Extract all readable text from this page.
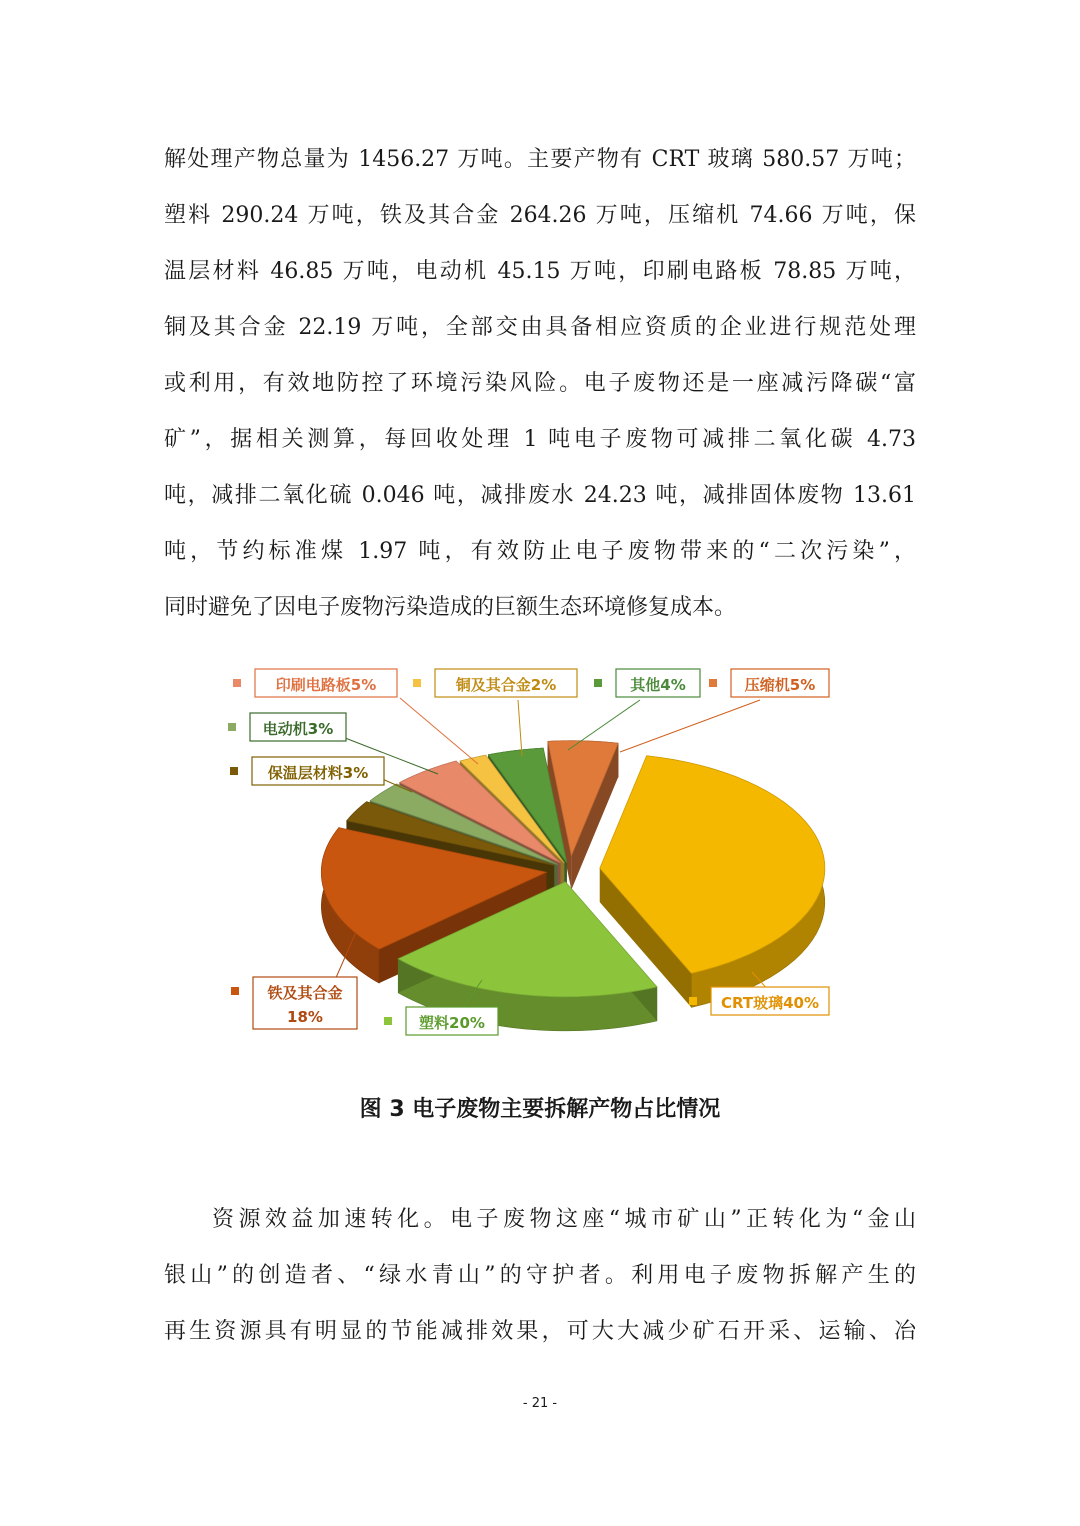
解处理产物总量为 1456.27 万吨。主要产物有 CRT 玻璃 580.57 万吨；
塑料 290.24 万吨，铁及其合金 264.26 万吨，压缩机 74.66 万吨，保
温层材料 46.85 万吨，电动机 45.15 万吨，印刷电路板 78.85 万吨，
铜及其合金 22.19 万吨，全部交由具备相应资质的企业进行规范处理
或利用，有效地防控了环境污染风险。电子废物还是一座减污降碳“富
矿”，据相关测算，每回收处理 1 吨电子废物可减排二氧化碳 4.73
吨，减排二氧化硫 0.046 吨，减排废水 24.23 吨，减排固体废物 13.61
吨，节约标准煤 1.97 吨，有效防止电子废物带来的“二次污染”，
同时避免了因电子废物污染造成的巨额生态环境修复成本。
CRT玻璃40%
塑料20%
铁及其合金
18%
保温层材料3%
电动机3%
印刷电路板5%	铜及其合金2%	其他4%	压缩机5%
图 3 电子废物主要拆解产物占比情况
资源效益加速转化。电子废物这座“城市矿山”正转化为“金山
银山”的创造者、“绿水青山”的守护者。利用电子废物拆解产生的
再生资源具有明显的节能减排效果，可大大减少矿石开采、运输、冶
- 21 -
